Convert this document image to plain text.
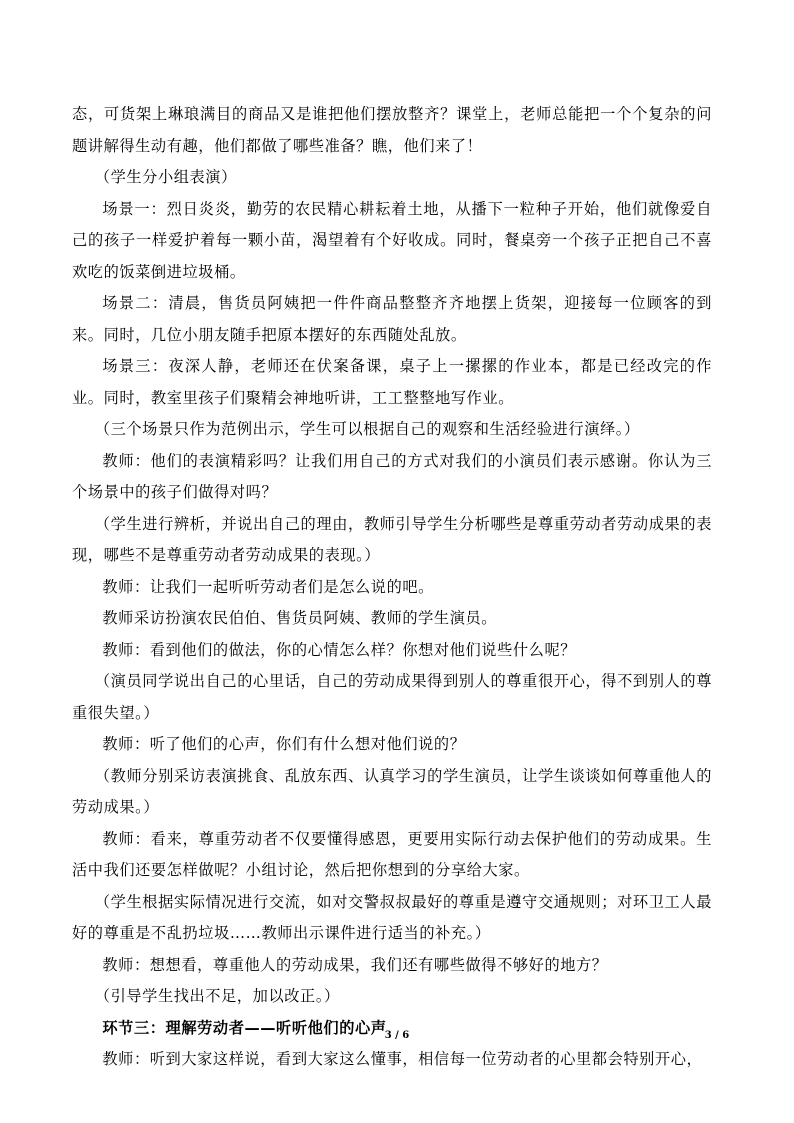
态，可货架上琳琅满目的商品又是谁把他们摆放整齐？课堂上，老师总能把一个个复杂的问题讲解得生动有趣，他们都做了哪些准备？瞧，他们来了！

（学生分小组表演）

场景一：烈日炎炎，勤劳的农民精心耕耘着土地，从播下一粒种子开始，他们就像爱自己的孩子一样爱护着每一颗小苗，渴望着有个好收成。同时，餐桌旁一个孩子正把自己不喜欢吃的饭菜倒进垃圾桶。

场景二：清晨，售货员阿姨把一件件商品整整齐齐地摆上货架，迎接每一位顾客的到来。同时，几位小朋友随手把原本摆好的东西随处乱放。

场景三：夜深人静，老师还在伏案备课，桌子上一摞摞的作业本，都是已经改完的作业。同时，教室里孩子们聚精会神地听讲，工工整整地写作业。

（三个场景只作为范例出示，学生可以根据自己的观察和生活经验进行演绎。）

教师：他们的表演精彩吗？让我们用自己的方式对我们的小演员们表示感谢。你认为三个场景中的孩子们做得对吗？

（学生进行辨析，并说出自己的理由，教师引导学生分析哪些是尊重劳动者劳动成果的表现，哪些不是尊重劳动者劳动成果的表现。）

教师：让我们一起听听劳动者们是怎么说的吧。

教师采访扮演农民伯伯、售货员阿姨、教师的学生演员。

教师：看到他们的做法，你的心情怎么样？你想对他们说些什么呢？

（演员同学说出自己的心里话，自己的劳动成果得到别人的尊重很开心，得不到别人的尊重很失望。）

教师：听了他们的心声，你们有什么想对他们说的？

（教师分别采访表演挑食、乱放东西、认真学习的学生演员，让学生谈谈如何尊重他人的劳动成果。）

教师：看来，尊重劳动者不仅要懂得感恩，更要用实际行动去保护他们的劳动成果。生活中我们还要怎样做呢？小组讨论，然后把你想到的分享给大家。

（学生根据实际情况进行交流，如对交警叔叔最好的尊重是遵守交通规则；对环卫工人最好的尊重是不乱扔垃圾……教师出示课件进行适当的补充。）

教师：想想看，尊重他人的劳动成果，我们还有哪些做得不够好的地方？

（引导学生找出不足，加以改正。）

环节三：理解劳动者——听听他们的心声

教师：听到大家这样说，看到大家这么懂事，相信每一位劳动者的心里都会特别开心，

3 / 6
